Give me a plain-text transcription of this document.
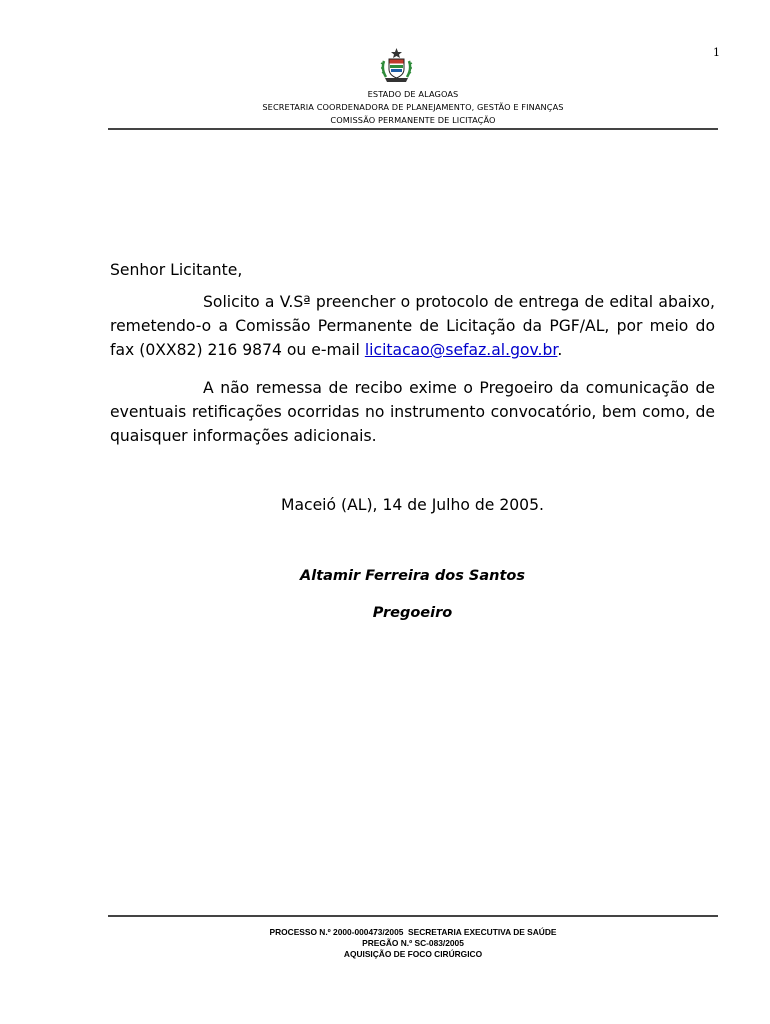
1
ESTADO DE ALAGOAS
SECRETARIA COORDENADORA DE PLANEJAMENTO, GESTÃO E FINANÇAS
COMISSÃO PERMANENTE DE LICITAÇÃO
Senhor Licitante,
Solicito a V.Sª preencher o protocolo de entrega de edital abaixo, remetendo-o a Comissão Permanente de Licitação da PGF/AL, por meio do fax (0XX82) 216 9874 ou e-mail licitacao@sefaz.al.gov.br.
A não remessa de recibo exime o Pregoeiro da comunicação de eventuais retificações ocorridas no instrumento convocatório, bem como, de quaisquer informações adicionais.
Maceió (AL), 14 de Julho de 2005.
Altamir Ferreira dos Santos
Pregoeiro
PROCESSO N.º 2000-000473/2005  SECRETARIA EXECUTIVA DE SAÚDE
PREGÃO N.º SC-083/2005
AQUISIÇÃO DE FOCO CIRÚRGICO
